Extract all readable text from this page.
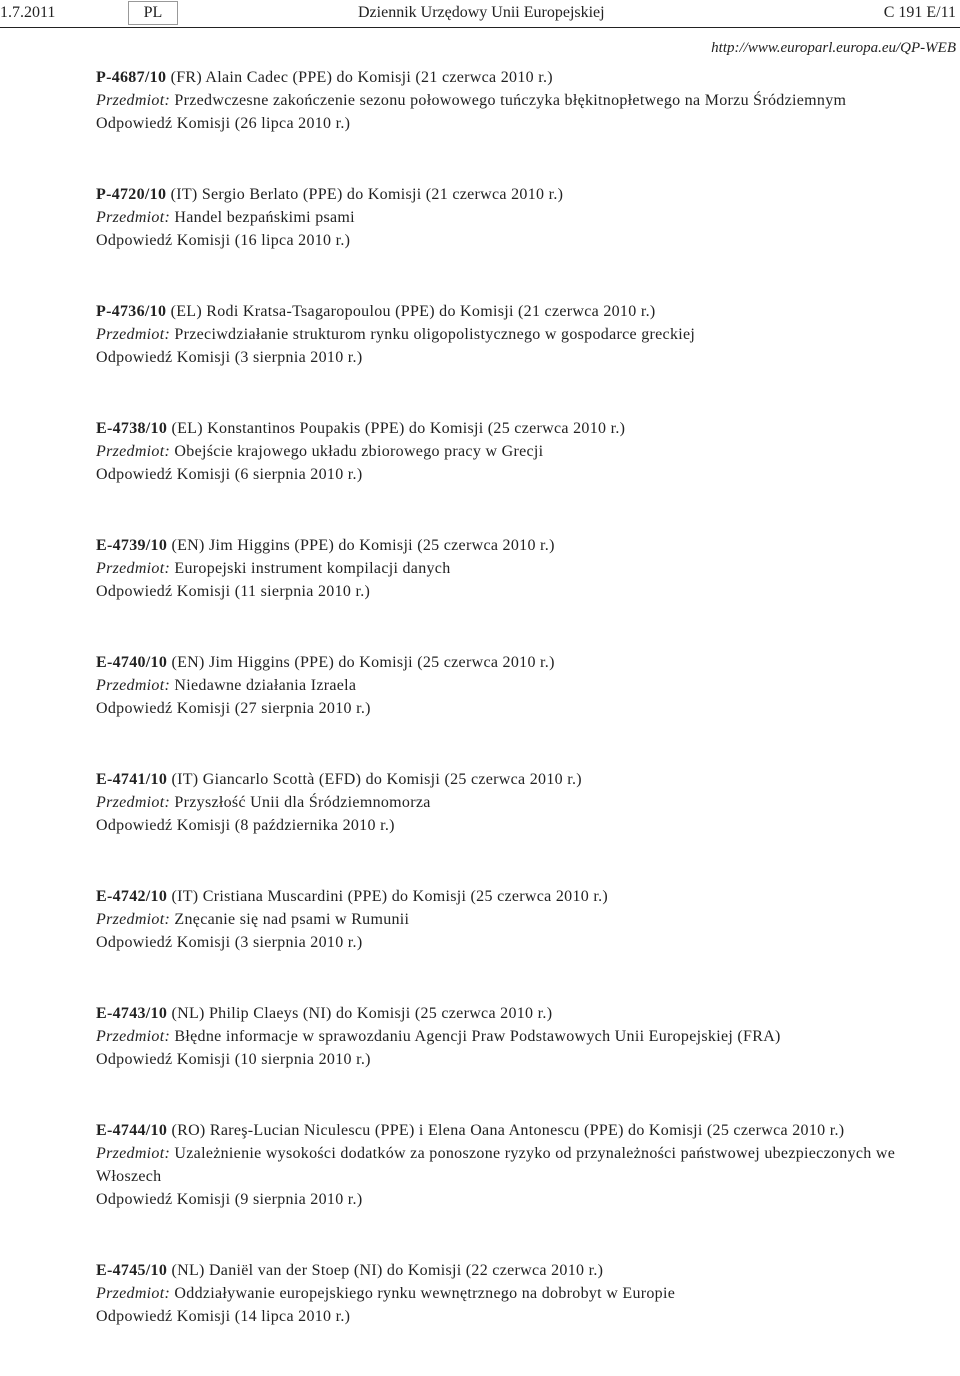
1.7.2011	PL	Dziennik Urzędowy Unii Europejskiej	C 191 E/11
http://www.europarl.europa.eu/QP-WEB

P-4687/10 (FR) Alain Cadec (PPE) do Komisji (21 czerwca 2010 r.)

Przedmiot: Przedwczesne zakończenie sezonu połowowego tuńczyka błękitnopłetwego na Morzu Śródziemnym

Odpowiedź Komisji (26 lipca 2010 r.)

P-4720/10 (IT) Sergio Berlato (PPE) do Komisji (21 czerwca 2010 r.)

Przedmiot: Handel bezpańskimi psami

Odpowiedź Komisji (16 lipca 2010 r.)

P-4736/10 (EL) Rodi Kratsa-Tsagaropoulou (PPE) do Komisji (21 czerwca 2010 r.)

Przedmiot: Przeciwdziałanie strukturom rynku oligopolistycznego w gospodarce greckiej

Odpowiedź Komisji (3 sierpnia 2010 r.)

E-4738/10 (EL) Konstantinos Poupakis (PPE) do Komisji (25 czerwca 2010 r.)

Przedmiot: Obejście krajowego układu zbiorowego pracy w Grecji

Odpowiedź Komisji (6 sierpnia 2010 r.)

E-4739/10 (EN) Jim Higgins (PPE) do Komisji (25 czerwca 2010 r.)

Przedmiot: Europejski instrument kompilacji danych

Odpowiedź Komisji (11 sierpnia 2010 r.)

E-4740/10 (EN) Jim Higgins (PPE) do Komisji (25 czerwca 2010 r.)

Przedmiot: Niedawne działania Izraela

Odpowiedź Komisji (27 sierpnia 2010 r.)

E-4741/10 (IT) Giancarlo Scottà (EFD) do Komisji (25 czerwca 2010 r.)

Przedmiot: Przyszłość Unii dla Śródziemnomorza

Odpowiedź Komisji (8 października 2010 r.)

E-4742/10 (IT) Cristiana Muscardini (PPE) do Komisji (25 czerwca 2010 r.)

Przedmiot: Znęcanie się nad psami w Rumunii

Odpowiedź Komisji (3 sierpnia 2010 r.)

E-4743/10 (NL) Philip Claeys (NI) do Komisji (25 czerwca 2010 r.)

Przedmiot: Błędne informacje w sprawozdaniu Agencji Praw Podstawowych Unii Europejskiej (FRA)

Odpowiedź Komisji (10 sierpnia 2010 r.)

E-4744/10 (RO) Rareş-Lucian Niculescu (PPE) i Elena Oana Antonescu (PPE) do Komisji (25 czerwca 2010 r.)

Przedmiot: Uzależnienie wysokości dodatków za ponoszone ryzyko od przynależności państwowej ubezpieczonych we Włoszech

Odpowiedź Komisji (9 sierpnia 2010 r.)

E-4745/10 (NL) Daniël van der Stoep (NI) do Komisji (22 czerwca 2010 r.)

Przedmiot: Oddziaływanie europejskiego rynku wewnętrznego na dobrobyt w Europie

Odpowiedź Komisji (14 lipca 2010 r.)
